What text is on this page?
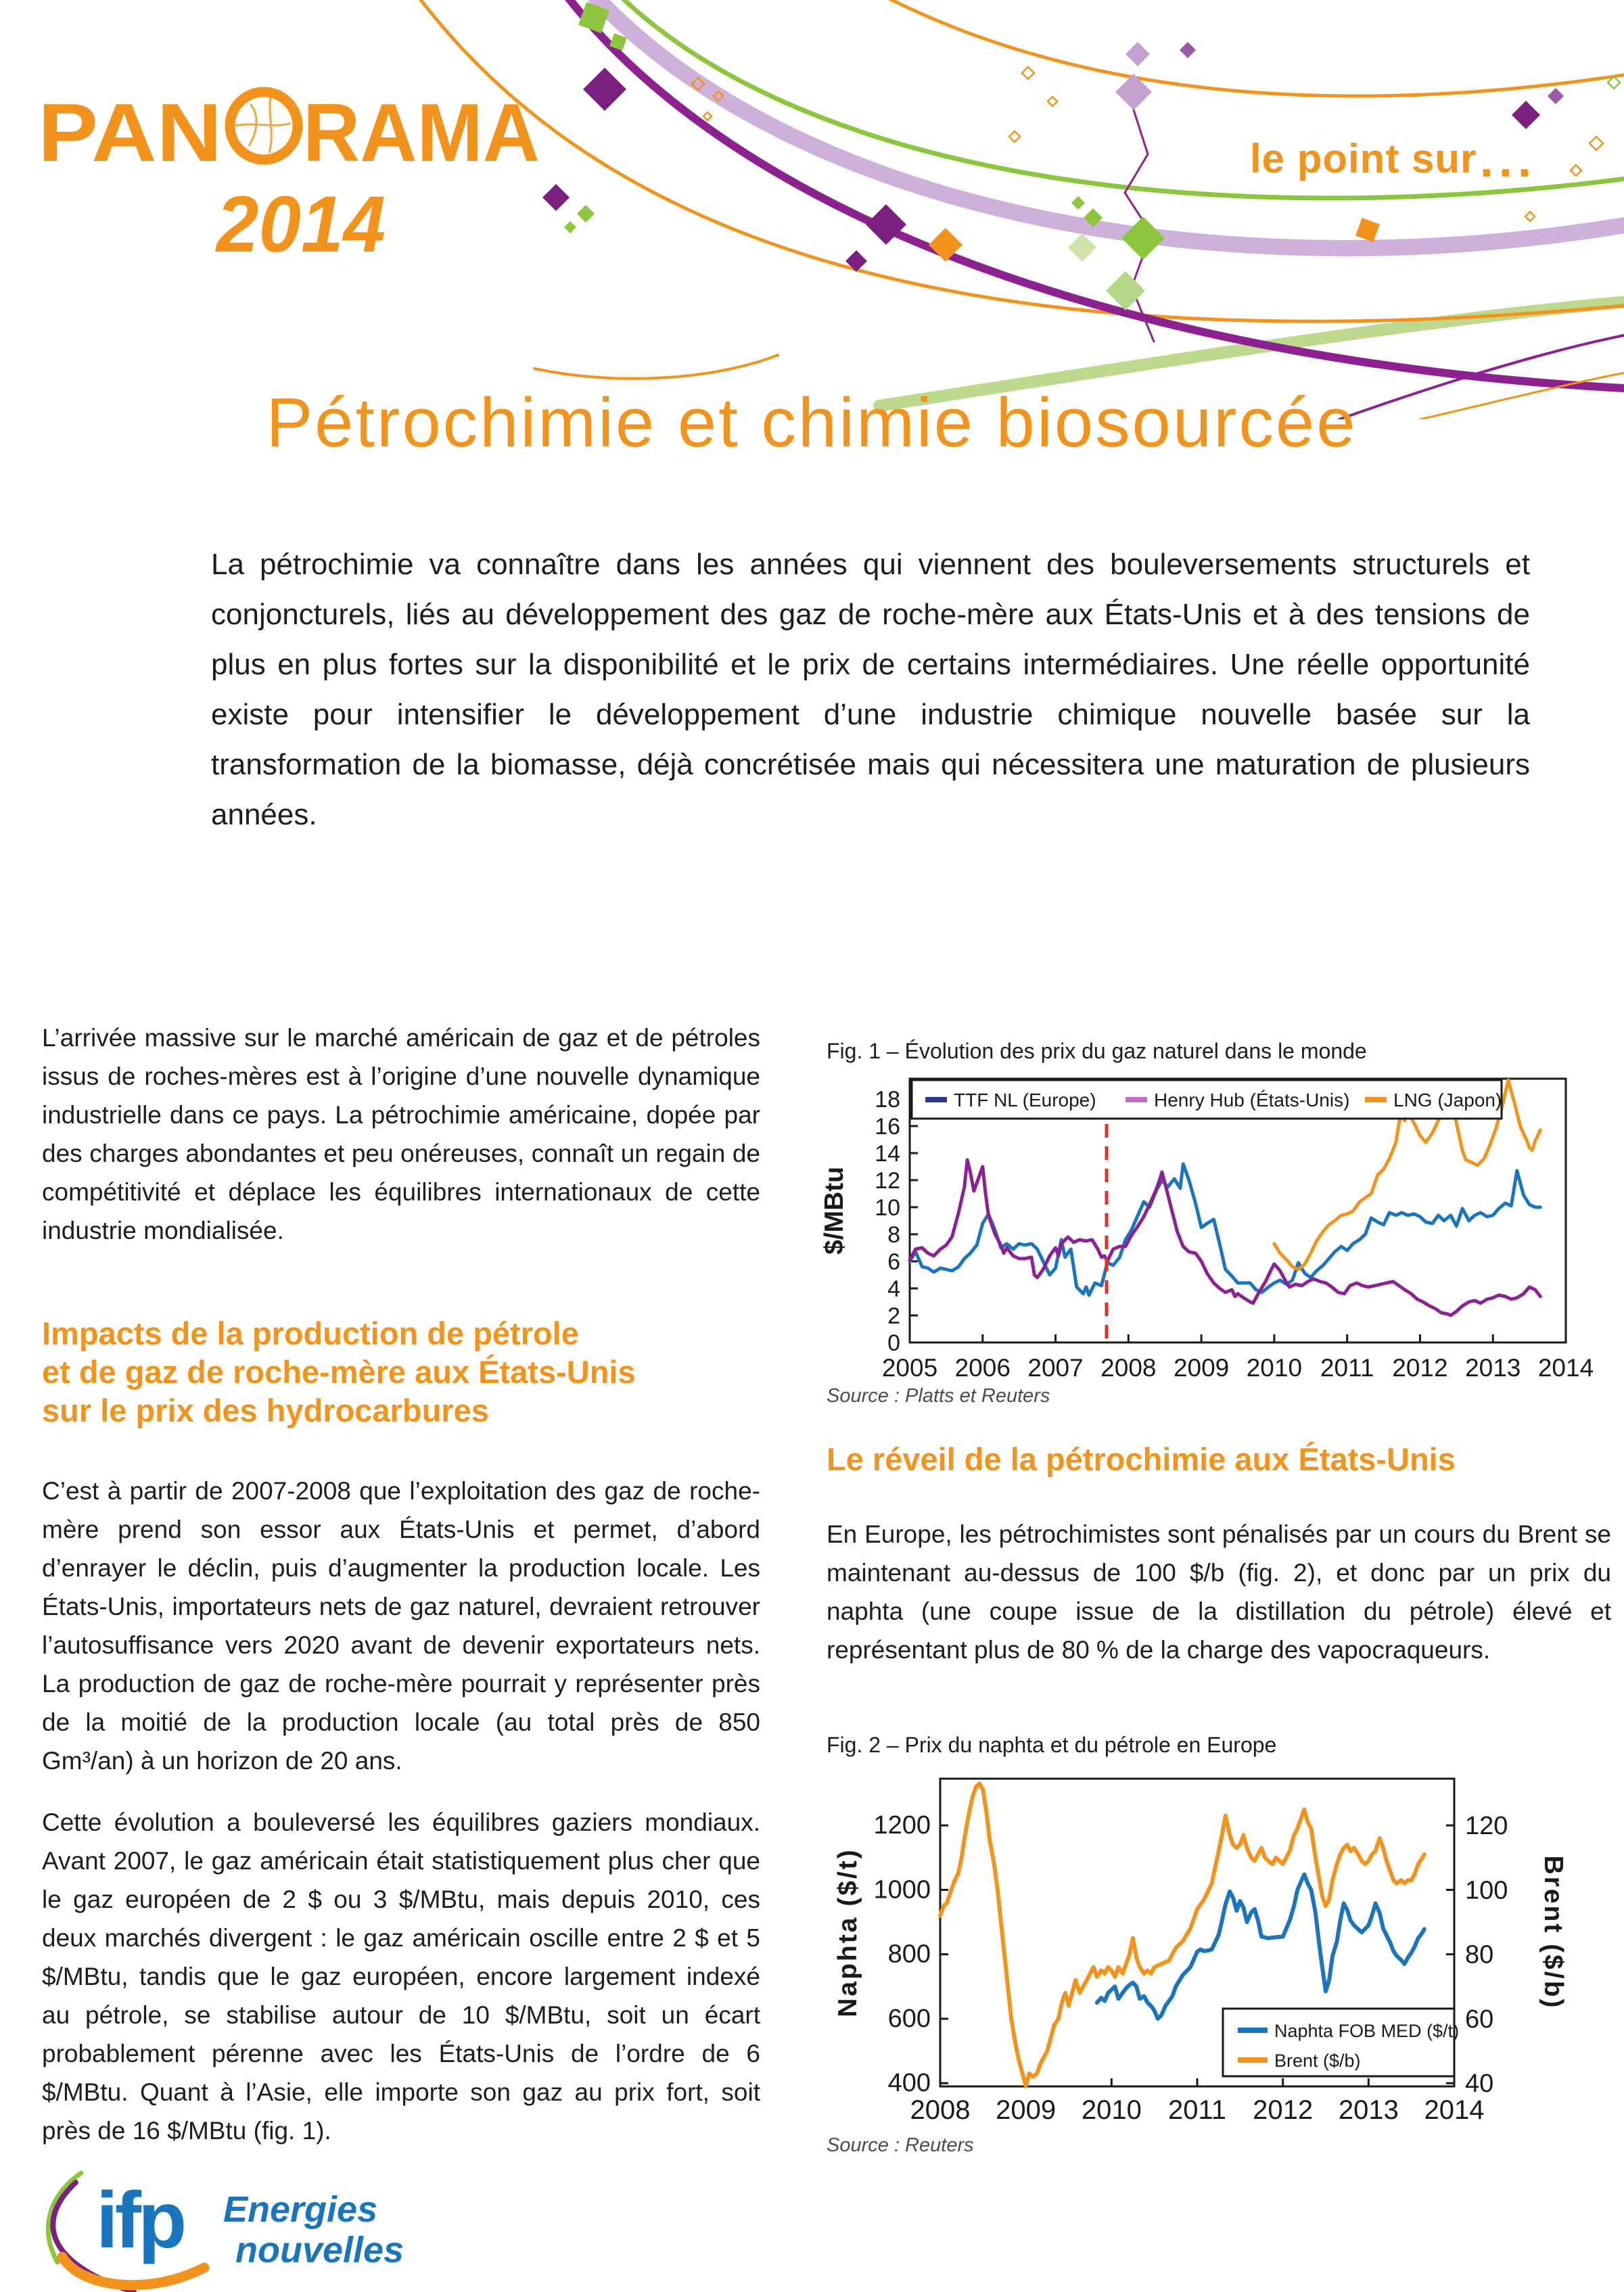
PAN RAMA
2014
le point sur ...
Pétrochimie et chimie biosourcée
La pétrochimie va connaître dans les années qui viennent des bouleversements structurels et conjoncturels, liés au développement des gaz de roche-mère aux États-Unis et à des tensions de plus en plus fortes sur la disponibilité et le prix de certains intermédiaires. Une réelle opportunité existe pour intensifier le développement d’une industrie chimique nouvelle basée sur la transformation de la biomasse, déjà concrétisée mais qui nécessitera une maturation de plusieurs années.
L’arrivée massive sur le marché américain de gaz et de pétroles issus de roches-mères est à l’origine d’une nouvelle dynamique industrielle dans ce pays. La pétrochimie américaine, dopée par des charges abondantes et peu onéreuses, connaît un regain de compétitivité et déplace les équilibres internationaux de cette industrie mondialisée.
Impacts de la production de pétrole
et de gaz de roche-mère aux États-Unis
sur le prix des hydrocarbures
C’est à partir de 2007-2008 que l’exploitation des gaz de roche-mère prend son essor aux États-Unis et permet, d’abord d’enrayer le déclin, puis d’augmenter la production locale. Les États-Unis, importateurs nets de gaz naturel, devraient retrouver l’autosuffisance vers 2020 avant de devenir exportateurs nets. La production de gaz de roche-mère pourrait y représenter près de la moitié de la production locale (au total près de 850 Gm³/an) à un horizon de 20 ans.
Cette évolution a bouleversé les équilibres gaziers mondiaux. Avant 2007, le gaz américain était statistiquement plus cher que le gaz européen de 2 $ ou 3 $/MBtu, mais depuis 2010, ces deux marchés divergent : le gaz américain oscille entre 2 $ et 5 $/MBtu, tandis que le gaz européen, encore largement indexé au pétrole, se stabilise autour de 10 $/MBtu, soit un écart probablement pérenne avec les États-Unis de l’ordre de 6 $/MBtu. Quant à l’Asie, elle importe son gaz au prix fort, soit près de 16 $/MBtu (fig. 1).
Fig. 1 – Évolution des prix du gaz naturel dans le monde
2005 2006 2007 2008 2009 2010 2011 2012 2013 2014
0
2
4
6
8
10
12
14
16
18
$/MBtu
TTF NL (Europe)	Henry Hub (États-Unis) LNG (Japon)
Source : Platts et Reuters
Le réveil de la pétrochimie aux États-Unis
En Europe, les pétrochimistes sont pénalisés par un cours du Brent se maintenant au-dessus de 100 $/b (fig. 2), et donc par un prix du naphta (une coupe issue de la distillation du pétrole) élevé et représentant plus de 80 % de la charge des vapocraqueurs.
Fig. 2 – Prix du naphta et du pétrole en Europe
2008 2009 2010 2011 2012 2013 2014
400
600
800
1000
1200
40
60
80
100
120
Naphta ($/t)	Brent ($/b)
Naphta FOB MED ($/t)
Brent ($/b)
Source : Reuters
ifp Energies
nouvelles
